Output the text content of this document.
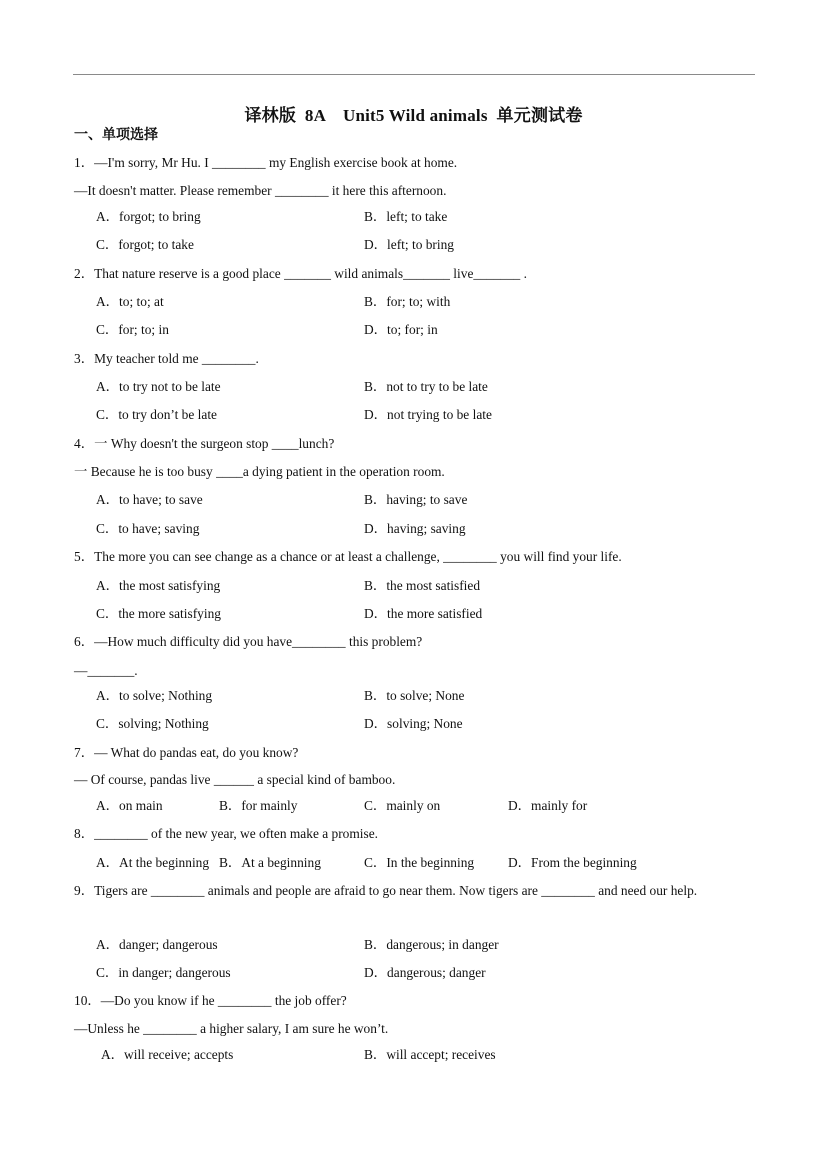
译林版  8A    Unit5 Wild animals  单元测试卷
一、单项选择
1．—I'm sorry, Mr Hu. I ________ my English exercise book at home.
—It doesn't matter. Please remember ________ it here this afternoon.
A．forgot; to bring	B．left; to take
C．forgot; to take	D．left; to bring
2．That nature reserve is a good place _______ wild animals_______ live_______ .
A．to; to; at	B．for; to; with
C．for; to; in	D．to; for; in
3．My teacher told me ________.
A．to try not to be late	B．not to try to be late
C．to try don’t be late	D．not trying to be late
4．一 Why doesn't the surgeon stop ____lunch?
一 Because he is too busy ____a dying patient in the operation room.
A．to have; to save	B．having; to save
C．to have; saving	D．having; saving
5．The more you can see change as a chance or at least a challenge, ________ you will find your life.
A．the most satisfying	B．the most satisfied
C．the more satisfying	D．the more satisfied
6．—How much difficulty did you have________ this problem?
—_______.
A．to solve; Nothing	B．to solve; None
C．solving; Nothing	D．solving; None
7．— What do pandas eat, do you know?
— Of course, pandas live ______ a special kind of bamboo.
A．on main	B．for mainly	C．mainly on	D．mainly for
8．________ of the new year, we often make a promise.
A．At the beginning B．At a beginning	C．In the beginning	D．From the beginning
9．Tigers are ________ animals and people are afraid to go near them. Now tigers are ________ and need our help.
A．danger; dangerous	B．dangerous; in danger
C．in danger; dangerous	D．dangerous; danger
10．—Do you know if he ________ the job offer?
—Unless he ________ a higher salary, I am sure he won’t.
A．will receive; accepts	B．will accept; receives
